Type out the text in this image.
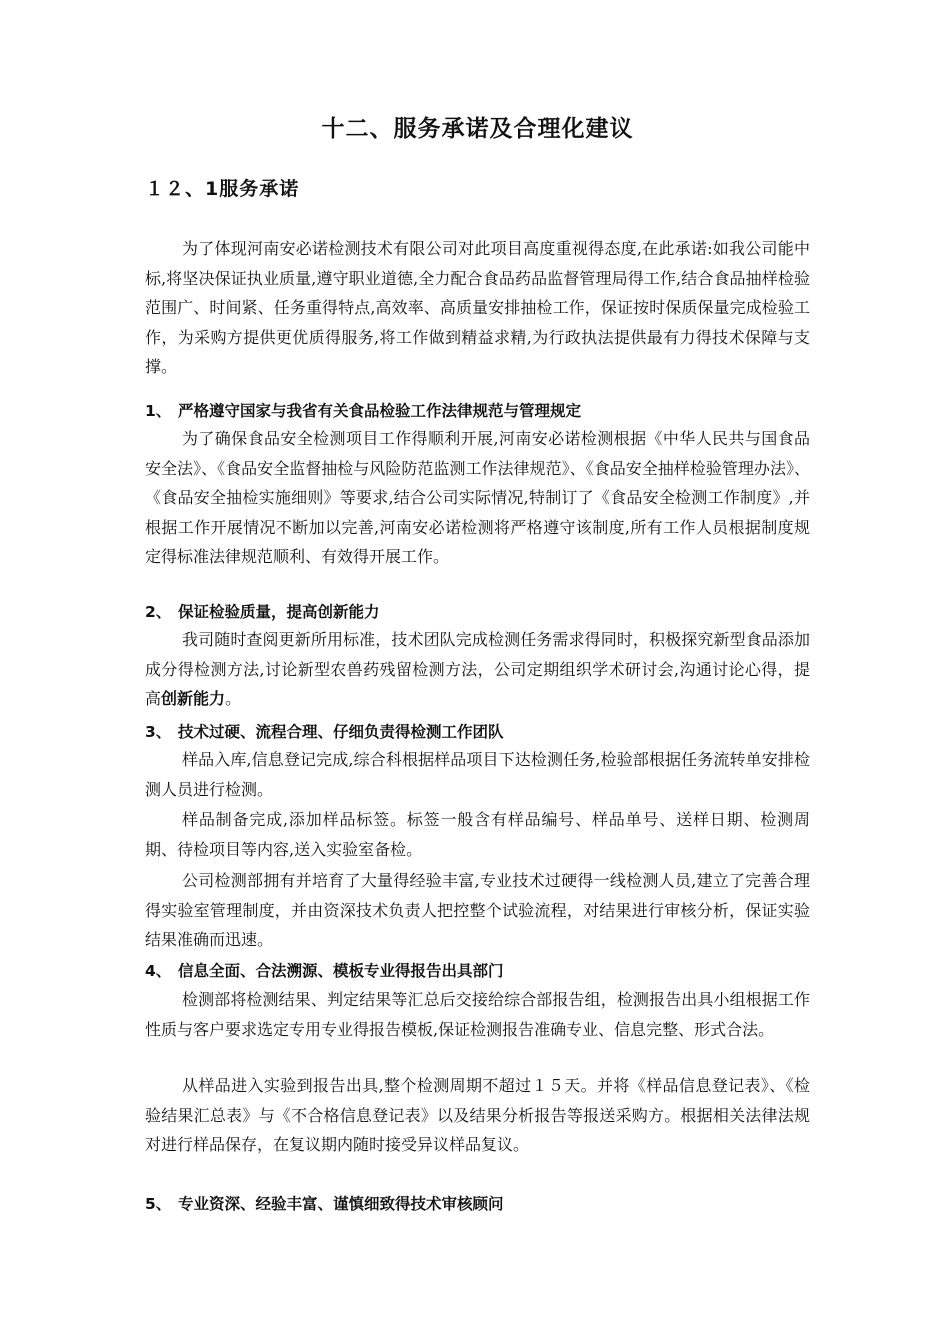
十二、服务承诺及合理化建议
１２、1服务承诺

为了体现河南安必诺检测技术有限公司对此项目高度重视得态度,在此承诺:如我公司能中标,将坚决保证执业质量,遵守职业道德,全力配合食品药品监督管理局得工作,结合食品抽样检验范围广、时间紧、任务重得特点,高效率、高质量安排抽检工作，保证按时保质保量完成检验工作，为采购方提供更优质得服务,将工作做到精益求精,为行政执法提供最有力得技术保障与支撑。

1、 严格遵守国家与我省有关食品检验工作法律规范与管理规定

为了确保食品安全检测项目工作得顺利开展,河南安必诺检测根据《中华人民共与国食品安全法》、《食品安全监督抽检与风险防范监测工作法律规范》、《食品安全抽样检验管理办法》、《食品安全抽检实施细则》等要求,结合公司实际情况,特制订了《食品安全检测工作制度》,并根据工作开展情况不断加以完善,河南安必诺检测将严格遵守该制度,所有工作人员根据制度规定得标准法律规范顺利、有效得开展工作。

2、 保证检验质量，提高创新能力

我司随时查阅更新所用标准，技术团队完成检测任务需求得同时，积极探究新型食品添加成分得检测方法,讨论新型农兽药残留检测方法，公司定期组织学术研讨会,沟通讨论心得，提高创新能力。

3、 技术过硬、流程合理、仔细负责得检测工作团队

样品入库,信息登记完成,综合科根据样品项目下达检测任务,检验部根据任务流转单安排检测人员进行检测。

样品制备完成,添加样品标签。标签一般含有样品编号、样品单号、送样日期、检测周期、待检项目等内容,送入实验室备检。

公司检测部拥有并培育了大量得经验丰富,专业技术过硬得一线检测人员,建立了完善合理得实验室管理制度，并由资深技术负责人把控整个试验流程，对结果进行审核分析，保证实验结果准确而迅速。

4、 信息全面、合法溯源、模板专业得报告出具部门

检测部将检测结果、判定结果等汇总后交接给综合部报告组，检测报告出具小组根据工作性质与客户要求选定专用专业得报告模板,保证检测报告准确专业、信息完整、形式合法。

从样品进入实验到报告出具,整个检测周期不超过１５天。并将《样品信息登记表》、《检验结果汇总表》与《不合格信息登记表》以及结果分析报告等报送采购方。根据相关法律法规对进行样品保存，在复议期内随时接受异议样品复议。

5、 专业资深、经验丰富、谨慎细致得技术审核顾问
